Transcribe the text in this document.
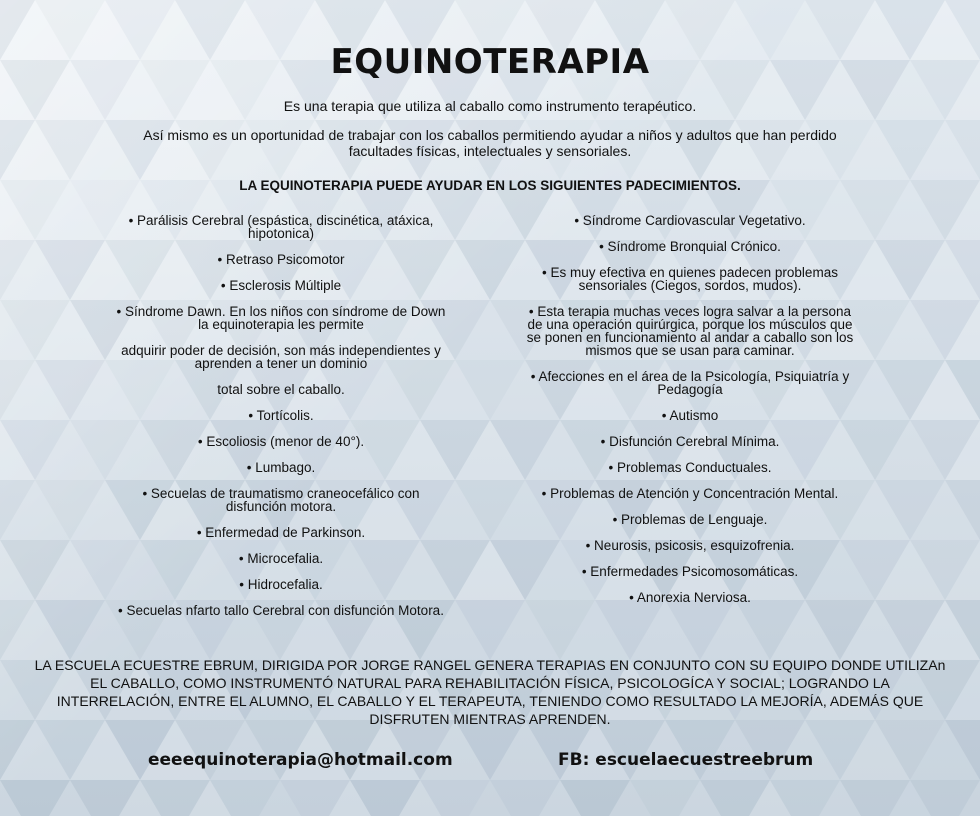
EQUINOTERAPIA
Es una terapia que utiliza al caballo como instrumento terapéutico.
Así mismo es un oportunidad de trabajar con los caballos permitiendo ayudar a niños y adultos que han perdido facultades físicas, intelectuales y sensoriales.
LA EQUINOTERAPIA PUEDE AYUDAR EN LOS SIGUIENTES PADECIMIENTOS.
• Parálisis Cerebral (espástica, discinética, atáxica, hipotonica)
• Retraso Psicomotor
• Esclerosis Múltiple
• Síndrome Dawn. En los niños con síndrome de Down la equinoterapia les permite
adquirir poder de decisión, son más independientes y aprenden a tener un dominio
total sobre el caballo.
• Tortícolis.
• Escoliosis (menor de 40°).
• Lumbago.
• Secuelas de traumatismo craneocefálico con disfunción motora.
• Enfermedad de Parkinson.
• Microcefalia.
• Hidrocefalia.
• Secuelas nfarto tallo Cerebral con disfunción Motora.
• Síndrome Cardiovascular Vegetativo.
• Síndrome Bronquial Crónico.
• Es muy efectiva en quienes padecen problemas sensoriales (Ciegos, sordos, mudos).
• Esta terapia muchas veces logra salvar a la persona de una operación quirúrgica, porque los músculos que se ponen en funcionamiento al andar a caballo son los mismos que se usan para caminar.
• Afecciones en el área de la Psicología, Psiquiatría y Pedagogía
• Autismo
• Disfunción Cerebral Mínima.
• Problemas Conductuales.
• Problemas de Atención y Concentración Mental.
• Problemas de Lenguaje.
• Neurosis, psicosis, esquizofrenia.
• Enfermedades Psicomosomáticas.
• Anorexia Nerviosa.
LA ESCUELA ECUESTRE EBRUM, DIRIGIDA POR JORGE RANGEL GENERA TERAPIAS EN CONJUNTO CON SU EQUIPO DONDE UTILIZAn EL CABALLO, COMO INSTRUMENTÓ NATURAL PARA REHABILITACIÓN FÍSICA, PSICOLOGÍCA Y SOCIAL; LOGRANDO LA INTERRELACIÓN, ENTRE EL ALUMNO, EL CABALLO Y EL TERAPEUTA, TENIENDO COMO RESULTADO LA MEJORÍA, ADEMÁS QUE DISFRUTEN MIENTRAS APRENDEN.
eeeequinoterapia@hotmail.com	FB: escuelaecuestreebrum
